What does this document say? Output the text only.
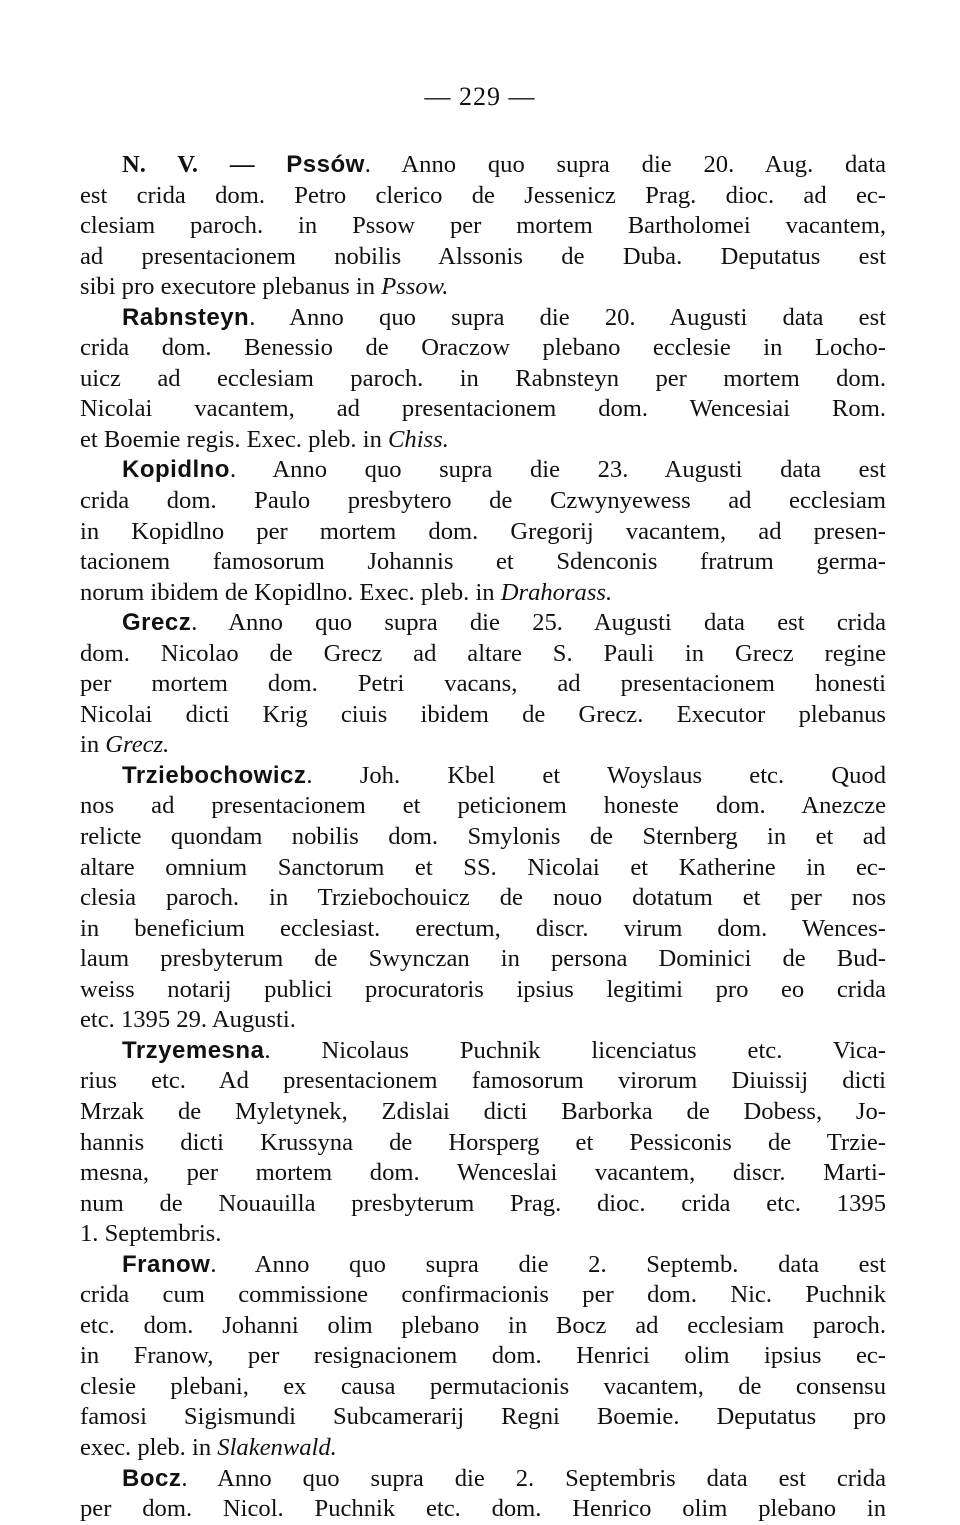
— 229 —
N. V. — Pssów. Anno quo supra die 20. Aug. data
est crida dom. Petro clerico de Jessenicz Prag. dioc. ad ec-
clesiam paroch. in Pssow per mortem Bartholomei vacantem,
ad presentacionem nobilis Alssonis de Duba. Deputatus est
sibi pro executore plebanus in Pssow.
Rabnsteyn. Anno quo supra die 20. Augusti data est
crida dom. Benessio de Oraczow plebano ecclesie in Locho-
uicz ad ecclesiam paroch. in Rabnsteyn per mortem dom.
Nicolai vacantem, ad presentacionem dom. Wencesiai Rom.
et Boemie regis. Exec. pleb. in Chiss.
Kopidlno. Anno quo supra die 23. Augusti data est
crida dom. Paulo presbytero de Czwynyewess ad ecclesiam
in Kopidlno per mortem dom. Gregorij vacantem, ad presen-
tacionem famosorum Johannis et Sdenconis fratrum germa-
norum ibidem de Kopidlno. Exec. pleb. in Drahorass.
Grecz. Anno quo supra die 25. Augusti data est crida
dom. Nicolao de Grecz ad altare S. Pauli in Grecz regine
per mortem dom. Petri vacans, ad presentacionem honesti
Nicolai dicti Krig ciuis ibidem de Grecz. Executor plebanus
in Grecz.
Trziebochowicz. Joh. Kbel et Woyslaus etc. Quod
nos ad presentacionem et peticionem honeste dom. Anezcze
relicte quondam nobilis dom. Smylonis de Sternberg in et ad
altare omnium Sanctorum et SS. Nicolai et Katherine in ec-
clesia paroch. in Trziebochouicz de nouo dotatum et per nos
in beneficium ecclesiast. erectum, discr. virum dom. Wences-
laum presbyterum de Swynczan in persona Dominici de Bud-
weiss notarij publici procuratoris ipsius legitimi pro eo crida
etc. 1395 29. Augusti.
Trzyemesna. Nicolaus Puchnik licenciatus etc. Vica-
rius etc. Ad presentacionem famosorum virorum Diuissij dicti
Mrzak de Myletynek, Zdislai dicti Barborka de Dobess, Jo-
hannis dicti Krussyna de Horsperg et Pessiconis de Trzie-
mesna, per mortem dom. Wenceslai vacantem, discr. Marti-
num de Nouauilla presbyterum Prag. dioc. crida etc. 1395
1. Septembris.
Franow. Anno quo supra die 2. Septemb. data est
crida cum commissione confirmacionis per dom. Nic. Puchnik
etc. dom. Johanni olim plebano in Bocz ad ecclesiam paroch.
in Franow, per resignacionem dom. Henrici olim ipsius ec-
clesie plebani, ex causa permutacionis vacantem, de consensu
famosi Sigismundi Subcamerarij Regni Boemie. Deputatus pro
exec. pleb. in Slakenwald.
Bocz. Anno quo supra die 2. Septembris data est crida
per dom. Nicol. Puchnik etc. dom. Henrico olim plebano in
